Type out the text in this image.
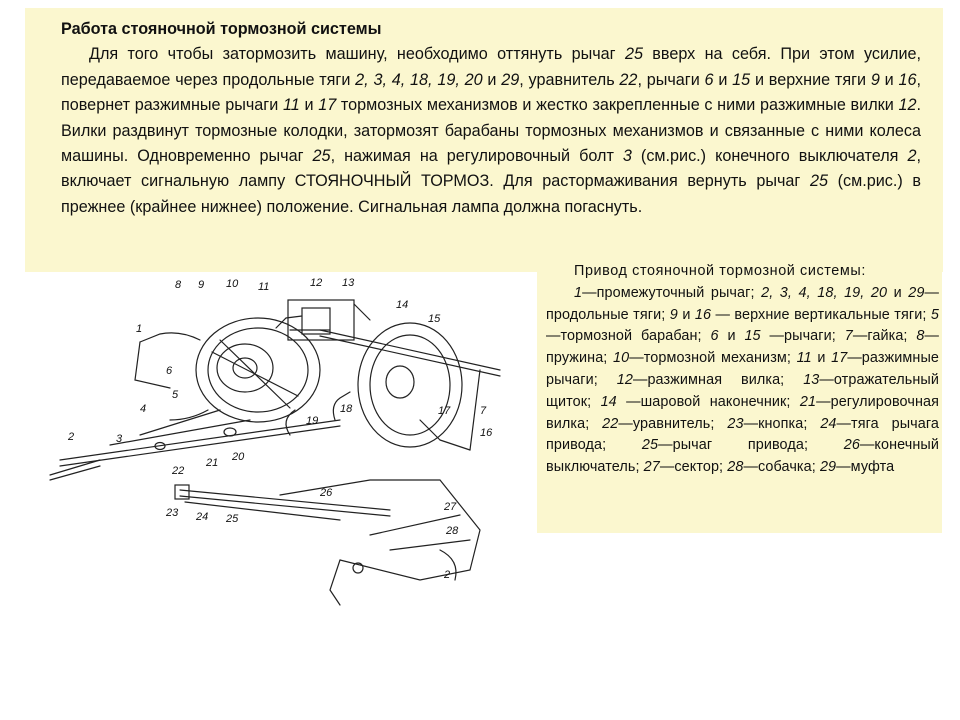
Работа стояночной тормозной системы

Для того чтобы затормозить машину, необходимо оттянуть рычаг 25 вверх на себя. При этом усилие, передаваемое через продольные тяги 2, 3, 4, 18, 19, 20 и 29, уравнитель 22, рычаги 6 и 15 и верхние тяги 9 и 16, повернет разжимные рычаги 11 и 17 тормозных механизмов и жестко закрепленные с ними разжимные вилки 12. Вилки раздвинут тормозные колодки, затормозят барабаны тормозных механизмов и связанные с ними колеса машины. Одновременно рычаг 25, нажимая на регулировочный болт 3 (см.рис.) конечного выключателя 2, включает сигнальную лампу СТОЯНОЧНЫЙ ТОРМОЗ. Для растормаживания вернуть рычаг 25 (см.рис.) в прежнее (крайнее нижнее) положение. Сигнальная лампа должна погаснуть.

Привод стояночной тормозной системы:

1—промежуточный рычаг; 2, 3, 4, 18, 19, 20 и 29—продольные тяги; 9 и 16 — верхние вертикальные тяги; 5—тормозной барабан; 6 и 15 —рычаги; 7—гайка; 8—пружина; 10—тормозной механизм; 11 и 17—разжимные рычаги; 12—разжимная вилка; 13—отражательный щиток; 14 —шаровой наконечник; 21—регулировочная вилка; 22—уравнитель; 23—кнопка; 24—тяга рычага привода; 25—рычаг привода; 26—конечный выключатель; 27—сектор; 28—собачка; 29—муфта

8 9 10 11	12 13
14
15
1
6
5
4
3
2
22
21 20
19
18	7
16
17
26
27
28
23 24 25
2
